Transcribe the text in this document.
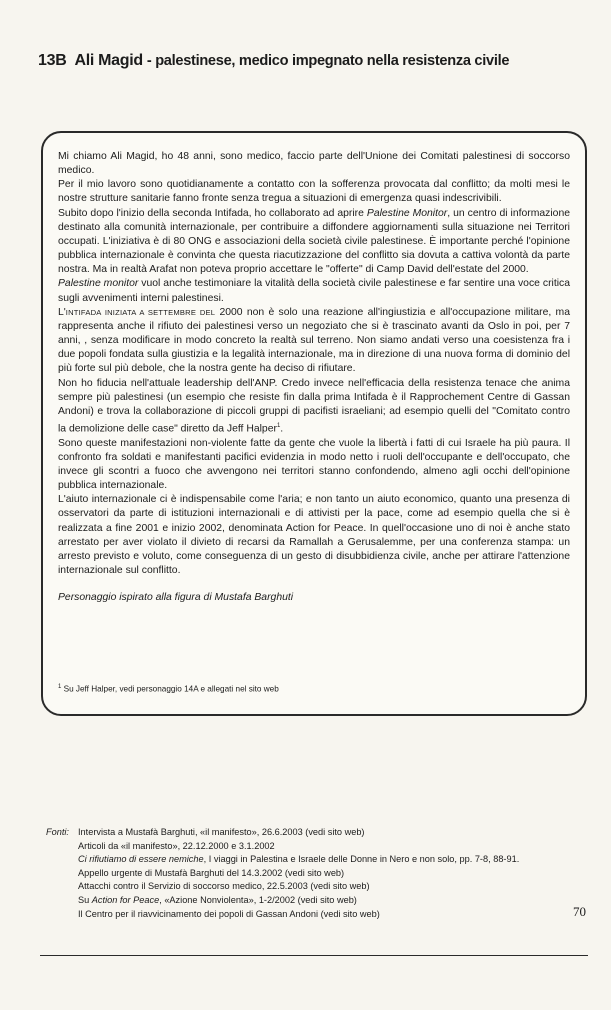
13B Ali Magid - palestinese, medico impegnato nella resistenza civile

Mi chiamo Ali Magid, ho 48 anni, sono medico, faccio parte dell'Unione dei Comitati palestinesi di soccorso medico.

Per il mio lavoro sono quotidianamente a contatto con la sofferenza provocata dal conflitto; da molti mesi le nostre strutture sanitarie fanno fronte senza tregua a situazioni di emergenza quasi indescrivibili.

Subito dopo l'inizio della seconda Intifada, ho collaborato ad aprire Palestine Monitor, un centro di informazione destinato alla comunità internazionale, per contribuire a diffondere aggiornamenti sulla situazione nei Territori occupati. L'iniziativa è di 80 ONG e associazioni della società civile palestinese. È importante perché l'opinione pubblica internazionale è convinta che questa riacutizzazione del conflitto sia dovuta a cattiva volontà da parte nostra. Ma in realtà Arafat non poteva proprio accettare le "offerte" di Camp David dell'estate del 2000.

Palestine monitor vuol anche testimoniare la vitalità della società civile palestinese e far sentire una voce critica sugli avvenimenti interni palestinesi.

L'INTIFADA INIZIATA A SETTEMBRE DEL 2000 non è solo una reazione all'ingiustizia e all'occupazione militare, ma rappresenta anche il rifiuto dei palestinesi verso un negoziato che si è trascinato avanti da Oslo in poi, per 7 anni, , senza modificare in modo concreto la realtà sul terreno. Non siamo andati verso una coesistenza fra i due popoli fondata sulla giustizia e la legalità internazionale, ma in direzione di una nuova forma di dominio del più forte sul più debole, che la nostra gente ha deciso di rifiutare.

Non ho fiducia nell'attuale leadership dell'ANP. Credo invece nell'efficacia della resistenza tenace che anima sempre più palestinesi (un esempio che resiste fin dalla prima Intifada è il Rapprochement Centre di Gassan Andoni) e trova la collaborazione di piccoli gruppi di pacifisti israeliani; ad esempio quelli del "Comitato contro la demolizione delle case" diretto da Jeff Halper$^1$.

Sono queste manifestazioni non-violente fatte da gente che vuole la libertà i fatti di cui Israele ha più paura. Il confronto fra soldati e manifestanti pacifici evidenzia in modo netto i ruoli dell'occupante e dell'occupato, che invece gli scontri a fuoco che avvengono nei territori stanno confondendo, almeno agli occhi dell'opinione pubblica internazionale.

L'aiuto internazionale ci è indispensabile come l'aria; e non tanto un aiuto economico, quanto una presenza di osservatori da parte di istituzioni internazionali e di attivisti per la pace, come ad esempio quella che si è realizzata a fine 2001 e inizio 2002, denominata Action for Peace. In quell'occasione uno di noi è anche stato arrestato per aver violato il divieto di recarsi da Ramallah a Gerusalemme, per una conferenza stampa: un arresto previsto e voluto, come conseguenza di un gesto di disubbidienza civile, anche per attirare l'attenzione internazionale sul conflitto.

Personaggio ispirato alla figura di Mustafa Barghuti

$^1$ Su Jeff Halper, vedi personaggio 14A e allegati nel sito web
Fonti: Intervista a Mustafà Barghuti, «il manifesto», 26.6.2003 (vedi sito web)
Articoli da «il manifesto», 22.12.2000 e 3.1.2002
Ci rifiutiamo di essere nemiche, I viaggi in Palestina e Israele delle Donne in Nero e non solo, pp. 7-8, 88-91.
Appello urgente di Mustafà Barghuti del 14.3.2002 (vedi sito web)
Attacchi contro il Servizio di soccorso medico, 22.5.2003 (vedi sito web)
Su Action for Peace, «Azione Nonviolenta», 1-2/2002 (vedi sito web)
Il Centro per il riavvicinamento dei popoli di Gassan Andoni (vedi sito web)	70
